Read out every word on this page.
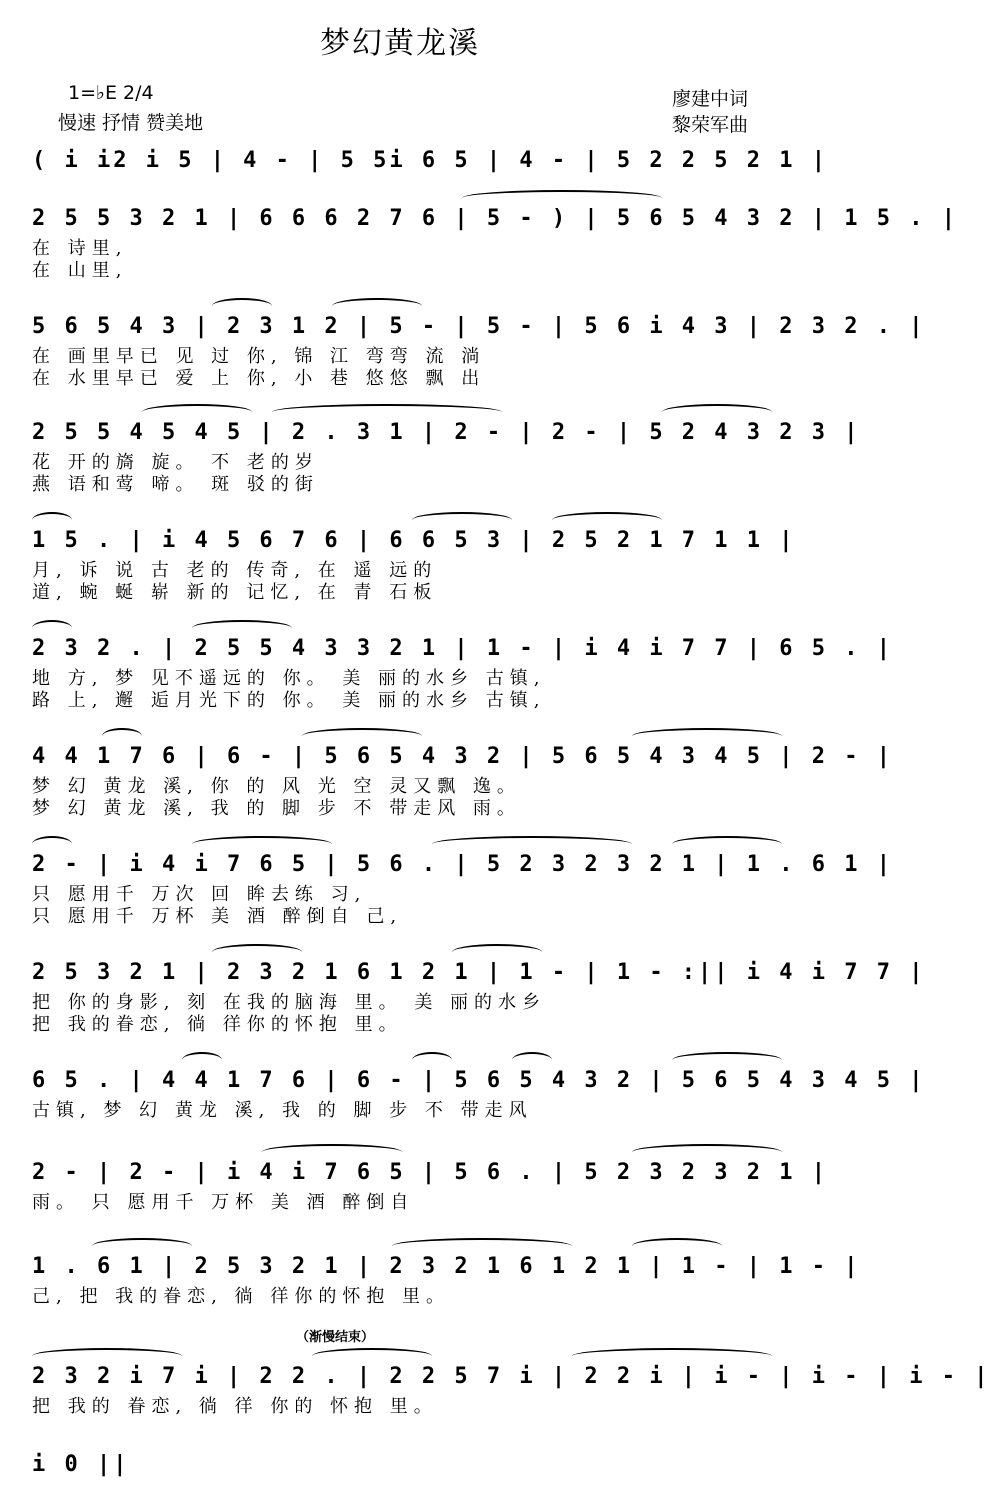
梦幻黄龙溪
1=♭E 2/4
慢速 抒情 赞美地
廖建中词
黎荣军曲
( i i2 i 5 | 4 - | 5 5i 6 5 | 4 - | 5 2 2 5 2 1 |
2 5 5 3 2 1 | 6 6 6 2 7 6 | 5 - ) | 5 6 5 4 3 2 | 1 5 . |
在 诗里,
在 山里,
5 6 5 4 3 | 2 3 1 2 | 5 - | 5 - | 5 6 i 4 3 | 2 3 2 . |
在 画里早已 见 过 你, 锦 江 弯弯 流 淌
在 水里早已 爱 上 你, 小 巷 悠悠 飘 出
2 5 5 4 5 4 5 | 2 . 3 1 | 2 - | 2 - | 5 2 4 3 2 3 |
花 开的旖 旋。 不 老的岁
燕 语和莺 啼。 斑 驳的街
1 5 . | i 4 5 6 7 6 | 6 6 5 3 | 2 5 2 1 7 1 1 |
月, 诉 说 古 老的 传奇, 在 遥 远的
道, 蜿 蜒 崭 新的 记忆, 在 青 石板
2 3 2 . | 2 5 5 4 3 3 2 1 | 1 - | i 4 i 7 7 | 6 5 . |
地 方, 梦 见不遥远的 你。 美 丽的水乡 古镇,
路 上, 邂 逅月光下的 你。 美 丽的水乡 古镇,
4 4 1 7 6 | 6 - | 5 6 5 4 3 2 | 5 6 5 4 3 4 5 | 2 - |
梦 幻 黄龙 溪, 你 的 风 光 空 灵又飘 逸。
梦 幻 黄龙 溪, 我 的 脚 步 不 带走风 雨。
2 - | i 4 i 7 6 5 | 5 6 . | 5 2 3 2 3 2 1 | 1 . 6 1 |
只 愿用千 万次 回 眸去练 习,
只 愿用千 万杯 美 酒 醉倒自 己,
2 5 3 2 1 | 2 3 2 1 6 1 2 1 | 1 - | 1 - :|| i 4 i 7 7 |
把 你的身影, 刻 在我的脑海 里。 美 丽的水乡
把 我的眷恋, 徜 徉你的怀抱 里。
6 5 . | 4 4 1 7 6 | 6 - | 5 6 5 4 3 2 | 5 6 5 4 3 4 5 |
古镇, 梦 幻 黄龙 溪, 我 的 脚 步 不 带走风
2 - | 2 - | i 4 i 7 6 5 | 5 6 . | 5 2 3 2 3 2 1 |
雨。 只 愿用千 万杯 美 酒 醉倒自
1 . 6 1 | 2 5 3 2 1 | 2 3 2 1 6 1 2 1 | 1 - | 1 - |
己, 把 我的眷恋, 徜 徉你的怀抱 里。
（渐慢结束）
2 3 2 i 7 i | 2 2 . | 2 2 5 7 i | 2 2 i | i - | i - | i - |
把 我的 眷恋, 徜 徉 你的 怀抱 里。
i 0 ||
